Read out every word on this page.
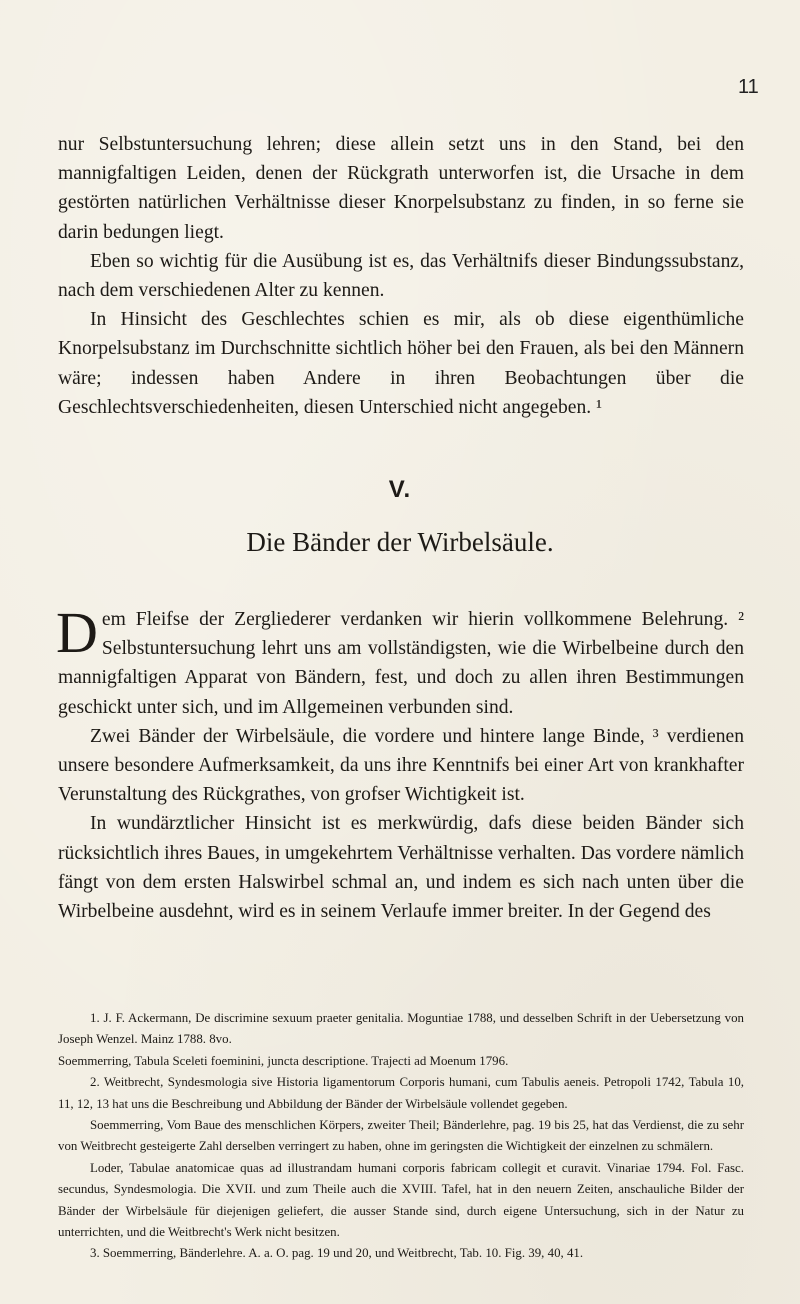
11

nur Selbstuntersuchung lehren; diese allein setzt uns in den Stand, bei den mannigfaltigen Leiden, denen der Rückgrath unterworfen ist, die Ursache in dem gestörten natürlichen Verhältnisse dieser Knorpelsubstanz zu finden, in so ferne sie darin bedungen liegt.

Eben so wichtig für die Ausübung ist es, das Verhältnifs dieser Bindungssubstanz, nach dem verschiedenen Alter zu kennen.

In Hinsicht des Geschlechtes schien es mir, als ob diese eigenthümliche Knorpelsubstanz im Durchschnitte sichtlich höher bei den Frauen, als bei den Männern wäre; indessen haben Andere in ihren Beobachtungen über die Geschlechtsverschiedenheiten, diesen Unterschied nicht angegeben. ¹

V.
Die Bänder der Wirbelsäule.

Dem Fleifse der Zergliederer verdanken wir hierin vollkommene Belehrung. ² Selbstuntersuchung lehrt uns am vollständigsten, wie die Wirbelbeine durch den mannigfaltigen Apparat von Bändern, fest, und doch zu allen ihren Bestimmungen geschickt unter sich, und im Allgemeinen verbunden sind.

Zwei Bänder der Wirbelsäule, die vordere und hintere lange Binde, ³ verdienen unsere besondere Aufmerksamkeit, da uns ihre Kenntnifs bei einer Art von krankhafter Verunstaltung des Rückgrathes, von grofser Wichtigkeit ist.

In wundärztlicher Hinsicht ist es merkwürdig, dafs diese beiden Bänder sich rücksichtlich ihres Baues, in umgekehrtem Verhältnisse verhalten. Das vordere nämlich fängt von dem ersten Halswirbel schmal an, und indem es sich nach unten über die Wirbelbeine ausdehnt, wird es in seinem Verlaufe immer breiter. In der Gegend des

1. J. F. Ackermann, De discrimine sexuum praeter genitalia. Moguntiae 1788, und desselben Schrift in der Uebersetzung von Joseph Wenzel. Mainz 1788. 8vo.

Soemmerring, Tabula Sceleti foeminini, juncta descriptione. Trajecti ad Moenum 1796.

2. Weitbrecht, Syndesmologia sive Historia ligamentorum Corporis humani, cum Tabulis aeneis. Petropoli 1742, Tabula 10, 11, 12, 13 hat uns die Beschreibung und Abbildung der Bänder der Wirbelsäule vollendet gegeben.

Soemmerring, Vom Baue des menschlichen Körpers, zweiter Theil; Bänderlehre, pag. 19 bis 25, hat das Verdienst, die zu sehr von Weitbrecht gesteigerte Zahl derselben verringert zu haben, ohne im geringsten die Wichtigkeit der einzelnen zu schmälern.

Loder, Tabulae anatomicae quas ad illustrandam humani corporis fabricam collegit et curavit. Vinariae 1794. Fol. Fasc. secundus, Syndesmologia. Die XVII. und zum Theile auch die XVIII. Tafel, hat in den neuern Zeiten, anschauliche Bilder der Bänder der Wirbelsäule für diejenigen geliefert, die ausser Stande sind, durch eigene Untersuchung, sich in der Natur zu unterrichten, und die Weitbrecht's Werk nicht besitzen.

3. Soemmerring, Bänderlehre. A. a. O. pag. 19 und 20, und Weitbrecht, Tab. 10. Fig. 39, 40, 41.
